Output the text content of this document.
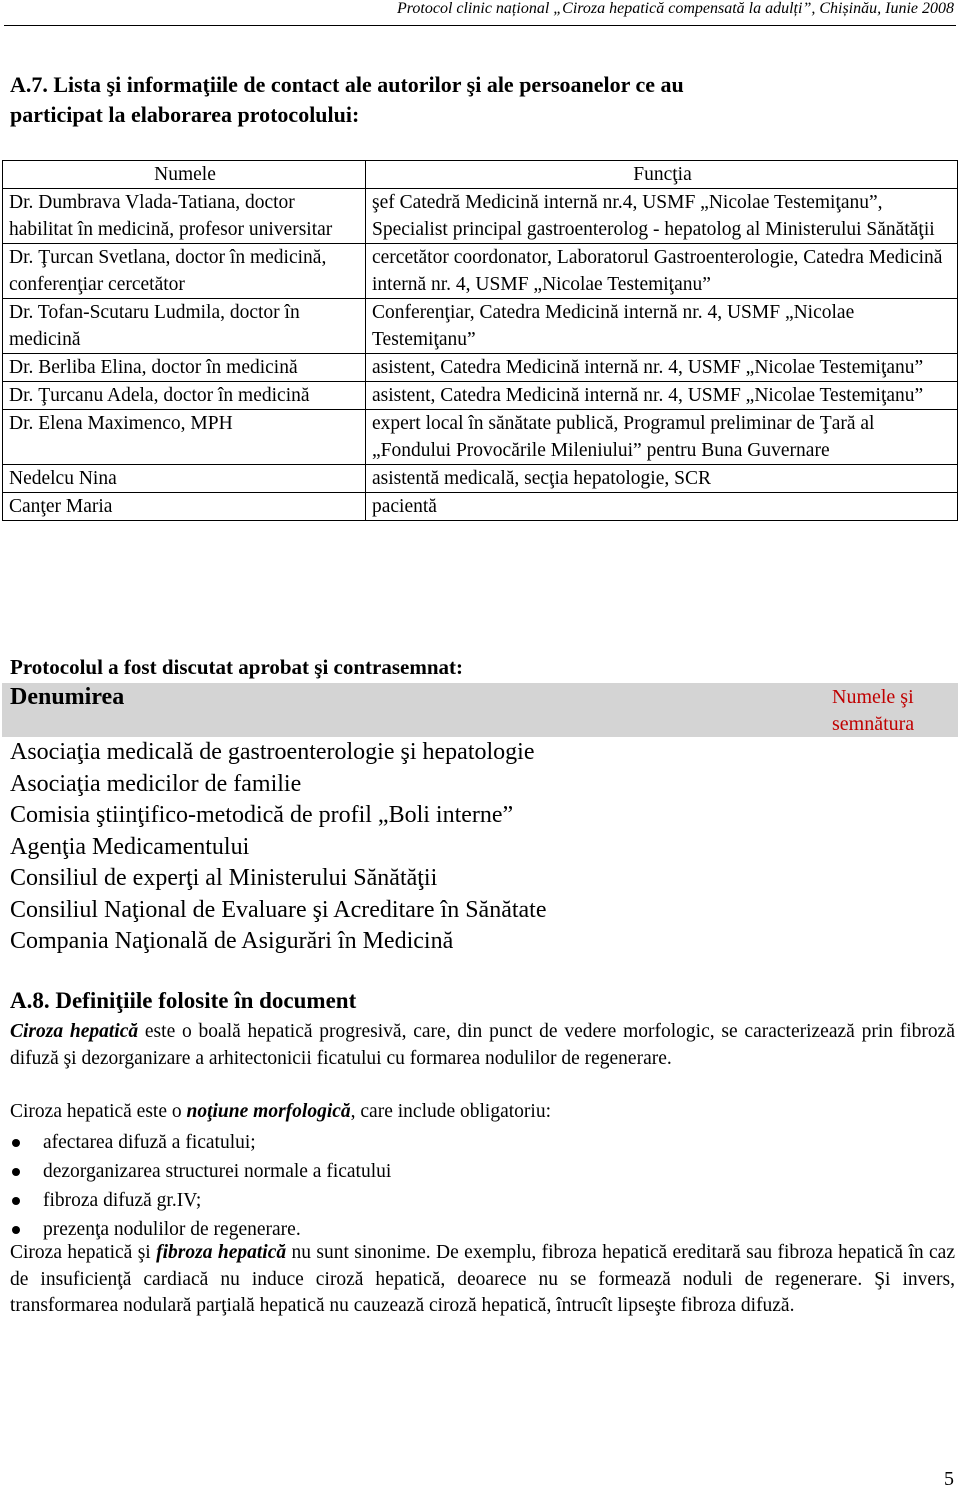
Protocol clinic național „Ciroza hepatică compensată la adulți”, Chișinău, Iunie 2008
A.7. Lista şi informaţiile de contact ale autorilor şi ale persoanelor ce au
participat la elaborarea protocolului:
Numele	Funcţia
Dr. Dumbrava Vlada-Tatiana, doctor habilitat în medicină, profesor universitar	şef Catedră Medicină internă nr.4, USMF „Nicolae Testemiţanu”, Specialist principal gastroenterolog - hepatolog al Ministerului Sănătăţii
Dr. Ţurcan Svetlana, doctor în medicină, conferenţiar cercetător	cercetător coordonator, Laboratorul Gastroenterologie, Catedra Medicină internă nr. 4, USMF „Nicolae Testemiţanu”
Dr. Tofan-Scutaru Ludmila, doctor în medicină	Conferenţiar, Catedra Medicină internă nr. 4, USMF „Nicolae Testemiţanu”
Dr. Berliba Elina, doctor în medicină	asistent, Catedra Medicină internă nr. 4, USMF „Nicolae Testemiţanu”
Dr. Ţurcanu Adela, doctor în medicină	asistent, Catedra Medicină internă nr. 4, USMF „Nicolae Testemiţanu”
Dr. Elena Maximenco, MPH	expert local în sănătate publică, Programul preliminar de Ţară al „Fondului Provocările Mileniului” pentru Buna Guvernare
Nedelcu Nina	asistentă medicală, secţia hepatologie, SCR
Canţer Maria	pacientă
Protocolul a fost discutat aprobat şi contrasemnat:
Denumirea	Numele şi semnătura
Asociaţia medicală de gastroenterologie şi hepatologie
Asociaţia medicilor de familie
Comisia ştiinţifico-metodică de profil „Boli interne”
Agenţia Medicamentului
Consiliul de experţi al Ministerului Sănătăţii
Consiliul Naţional de Evaluare şi Acreditare în Sănătate
Compania Naţională de Asigurări în Medicină
A.8. Definiţiile folosite în document

Ciroza hepatică este o boală hepatică progresivă, care, din punct de vedere morfologic, se caracterizează prin fibroză difuză şi dezorganizare a arhitectonicii ficatului cu formarea nodulilor de regenerare.

Ciroza hepatică este o noţiune morfologică, care include obligatoriu:

afectarea difuză a ficatului;
dezorganizarea structurei normale a ficatului
fibroza difuză gr.IV;
prezenţa nodulilor de regenerare.

Ciroza hepatică şi fibroza hepatică nu sunt sinonime. De exemplu, fibroza hepatică ereditară sau fibroza hepatică în caz de insuficienţă cardiacă nu induce ciroză hepatică, deoarece nu se formează noduli de regenerare. Şi invers, transformarea nodulară parţială hepatică nu cauzează ciroză hepatică, întrucît lipseşte fibroza difuză.

5
